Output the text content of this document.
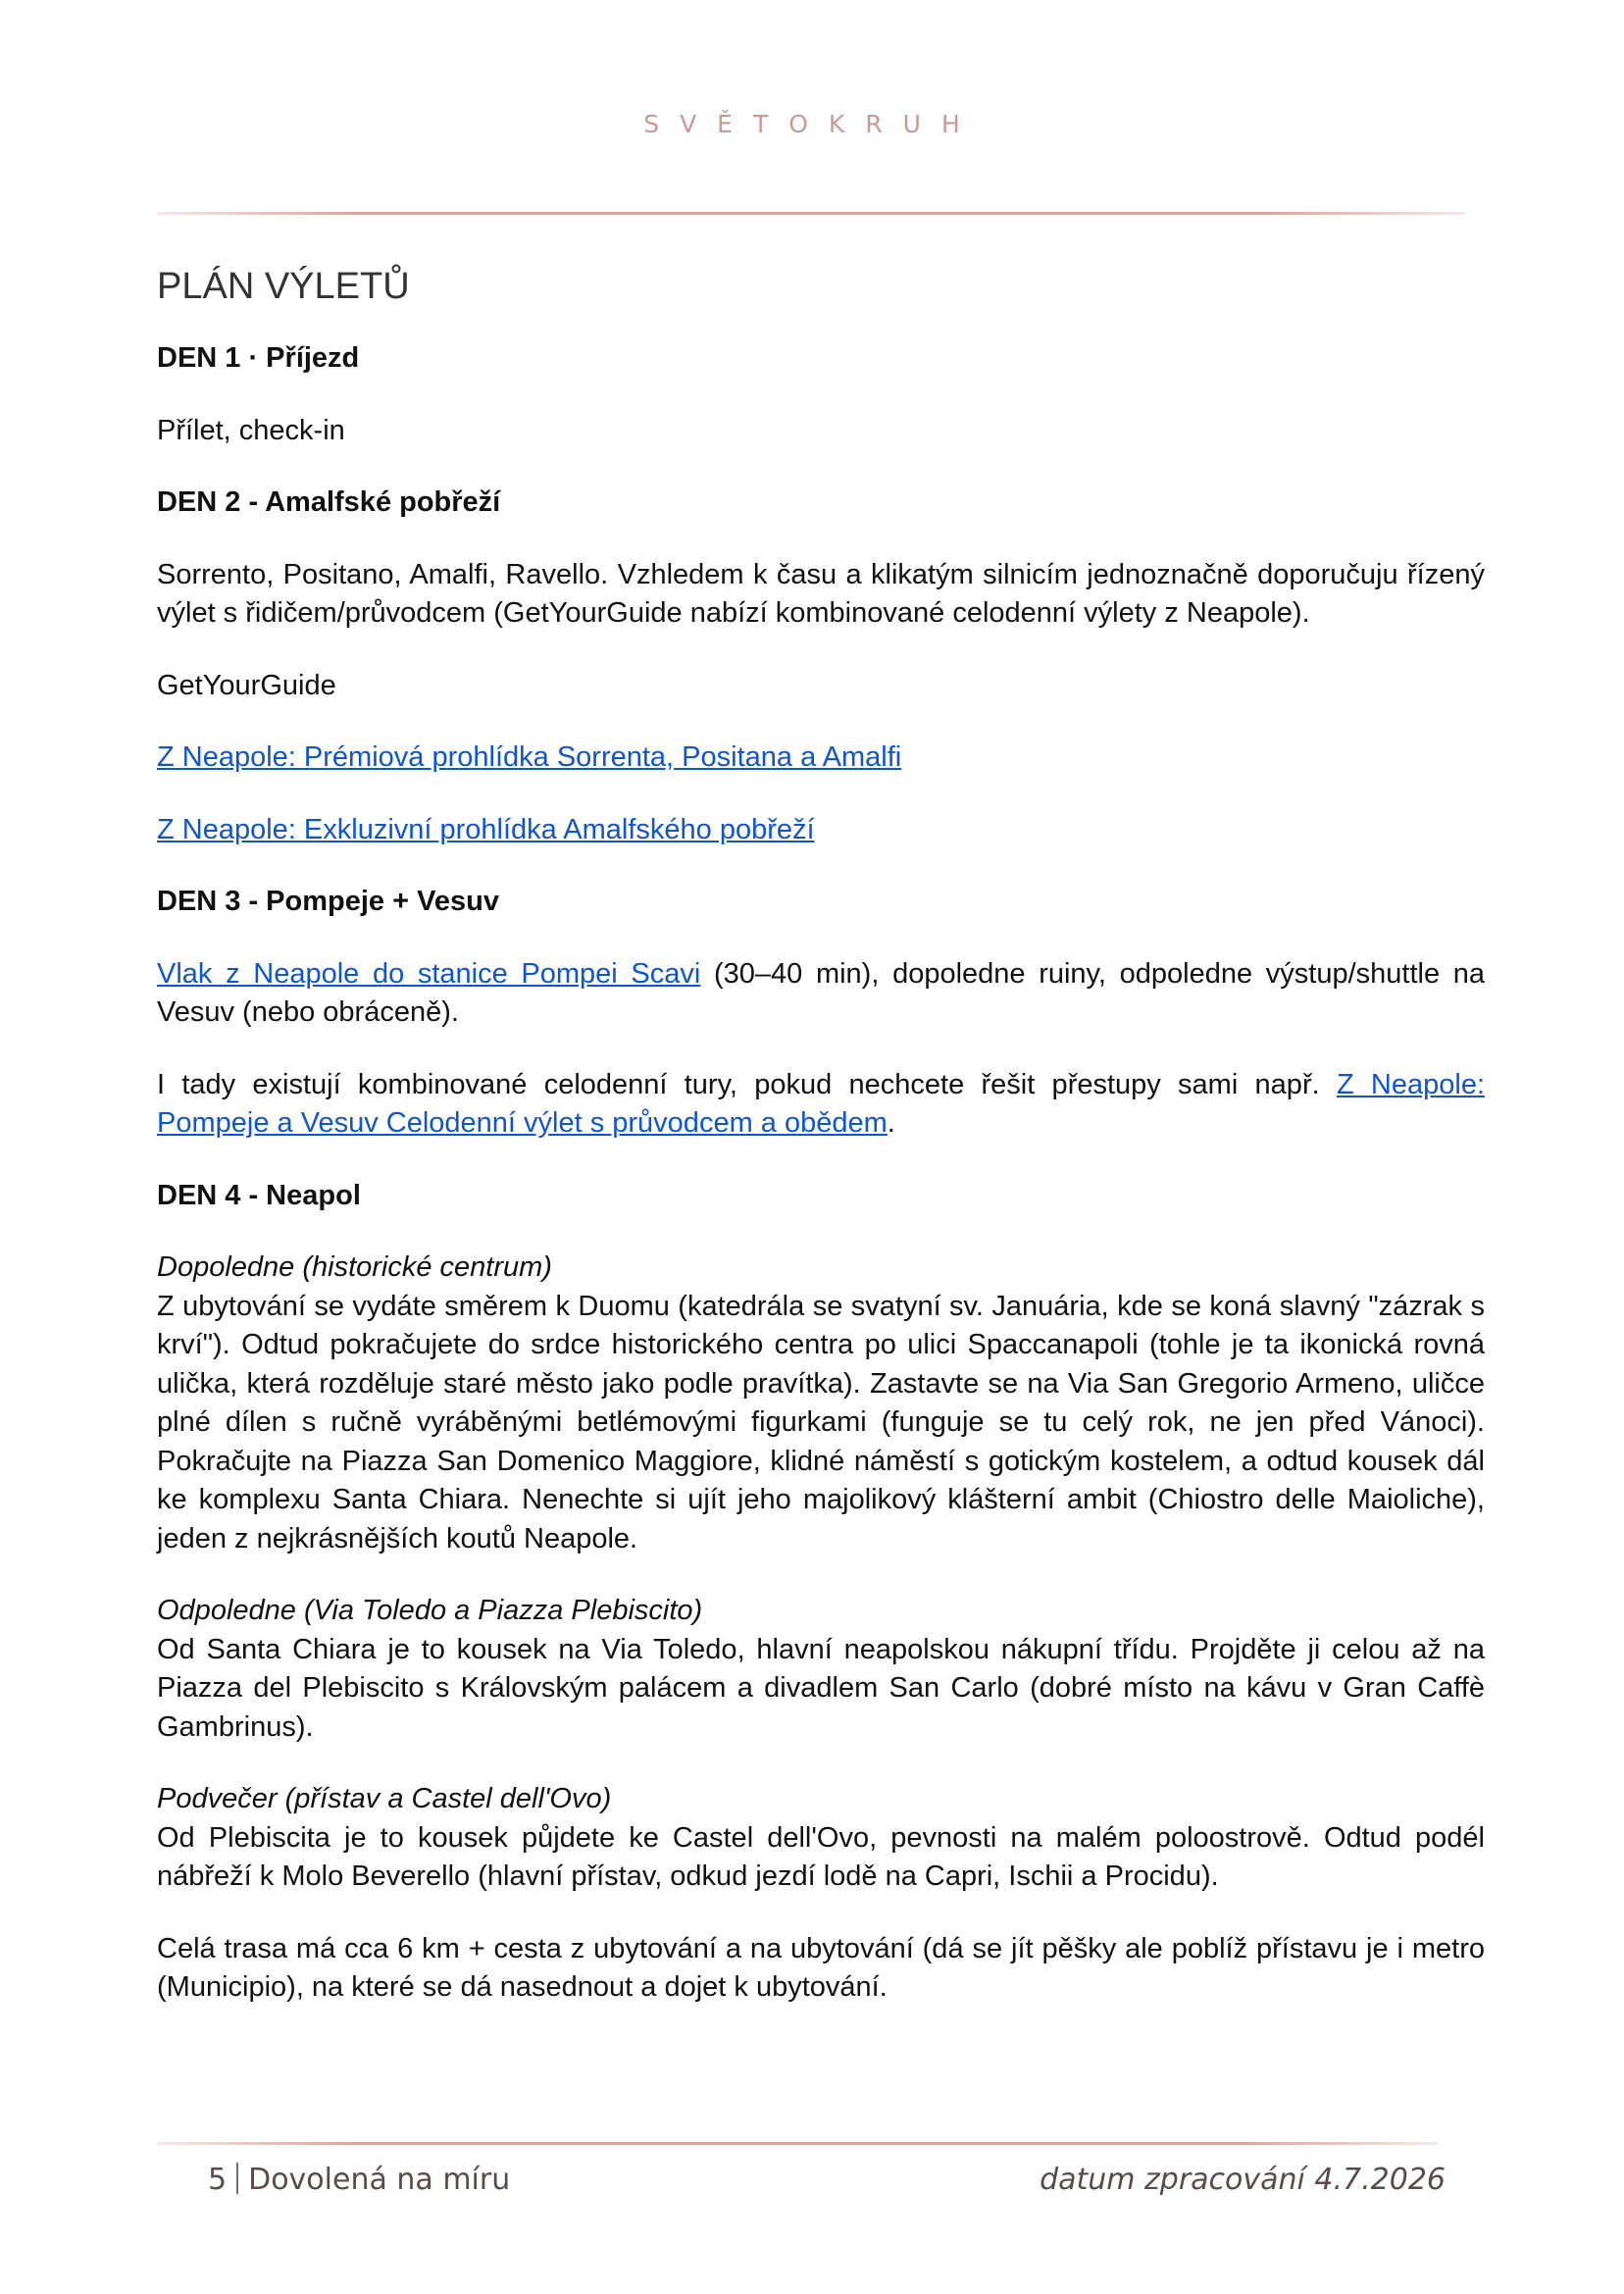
SVĚTOKRUH

PLÁN VÝLETŮ

DEN 1 · Příjezd

Přílet, check-in

DEN 2 - Amalfské pobřeží

Sorrento, Positano, Amalfi, Ravello. Vzhledem k času a klikatým silnicím jednoznačně doporučuju řízený výlet s řidičem/průvodcem (GetYourGuide nabízí kombinované celodenní výlety z Neapole).

GetYourGuide

Z Neapole: Prémiová prohlídka Sorrenta, Positana a Amalfi

Z Neapole: Exkluzivní prohlídka Amalfského pobřeží

DEN 3 - Pompeje + Vesuv

Vlak z Neapole do stanice Pompei Scavi (30–40 min), dopoledne ruiny, odpoledne výstup/shuttle na Vesuv (nebo obráceně).

I tady existují kombinované celodenní tury, pokud nechcete řešit přestupy sami např. Z Neapole: Pompeje a Vesuv Celodenní výlet s průvodcem a obědem.

DEN 4 - Neapol

Dopoledne (historické centrum)

Z ubytování se vydáte směrem k Duomu (katedrála se svatyní sv. Januária, kde se koná slavný "zázrak s krví"). Odtud pokračujete do srdce historického centra po ulici Spaccanapoli (tohle je ta ikonická rovná ulička, která rozděluje staré město jako podle pravítka). Zastavte se na Via San Gregorio Armeno, uličce plné dílen s ručně vyráběnými betlémovými figurkami (funguje se tu celý rok, ne jen před Vánoci). Pokračujte na Piazza San Domenico Maggiore, klidné náměstí s gotickým kostelem, a odtud kousek dál ke komplexu Santa Chiara. Nenechte si ujít jeho majolikový klášterní ambit (Chiostro delle Maioliche), jeden z nejkrásnějších koutů Neapole.

Odpoledne (Via Toledo a Piazza Plebiscito)

Od Santa Chiara je to kousek na Via Toledo, hlavní neapolskou nákupní třídu. Projděte ji celou až na Piazza del Plebiscito s Královským palácem a divadlem San Carlo (dobré místo na kávu v Gran Caffè Gambrinus).

Podvečer (přístav a Castel dell'Ovo)

Od Plebiscita je to kousek půjdete ke Castel dell'Ovo, pevnosti na malém poloostrově. Odtud podél nábřeží k Molo Beverello (hlavní přístav, odkud jezdí lodě na Capri, Ischii a Procidu).

Celá trasa má cca 6 km + cesta z ubytování a na ubytování (dá se jít pěšky ale poblíž přístavu je i metro (Municipio), na které se dá nasednout a dojet k ubytování.

5 Dovolená na míru	datum zpracování 4.7.2026
